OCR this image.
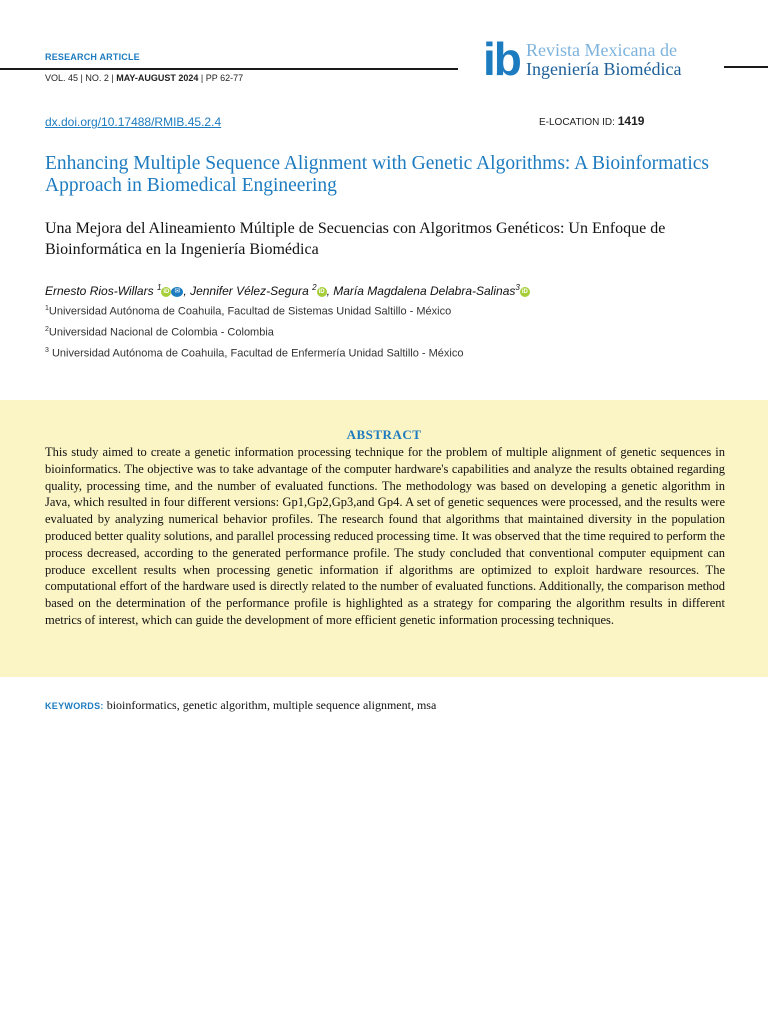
RESEARCH ARTICLE
VOL. 45 | NO. 2 | MAY-AUGUST 2024 | PP 62-77	ib Revista Mexicana de
Ingeniería Biomédica
dx.doi.org/10.17488/RMIB.45.2.4	E-LOCATION ID: 1419
Enhancing Multiple Sequence Alignment with Genetic Algorithms: A Bioinformatics Approach in Biomedical Engineering
Una Mejora del Alineamiento Múltiple de Secuencias con Algoritmos Genéticos: Un Enfoque de Bioinformática en la Ingeniería Biomédica
Ernesto Rios-Willars $^1$ iD ✉ , Jennifer Vélez-Segura $^2$ iD , María Magdalena Delabra-Salinas$^3$ iD
$^1$Universidad Autónoma de Coahuila, Facultad de Sistemas Unidad Saltillo - México
$^2$Universidad Nacional de Colombia - Colombia
$^3$ Universidad Autónoma de Coahuila, Facultad de Enfermería Unidad Saltillo - México
ABSTRACT
This study aimed to create a genetic information processing technique for the problem of multiple alignment of genetic sequences in bioinformatics. The objective was to take advantage of the computer hardware's capabilities and analyze the results obtained regarding quality, processing time, and the number of evaluated functions. The methodology was based on developing a genetic algorithm in Java, which resulted in four different versions: Gp1,Gp2,Gp3,and Gp4. A set of genetic sequences were processed, and the results were evaluated by analyzing numerical behavior profiles. The research found that algorithms that maintained diversity in the population produced better quality solutions, and parallel processing reduced processing time. It was observed that the time required to perform the process decreased, according to the generated performance profile. The study concluded that conventional computer equipment can produce excellent results when processing genetic information if algorithms are optimized to exploit hardware resources. The computational effort of the hardware used is directly related to the number of evaluated functions. Additionally, the comparison method based on the determination of the performance profile is highlighted as a strategy for comparing the algorithm results in different metrics of interest, which can guide the development of more efficient genetic information processing techniques.
KEYWORDS: bioinformatics, genetic algorithm, multiple sequence alignment, msa
